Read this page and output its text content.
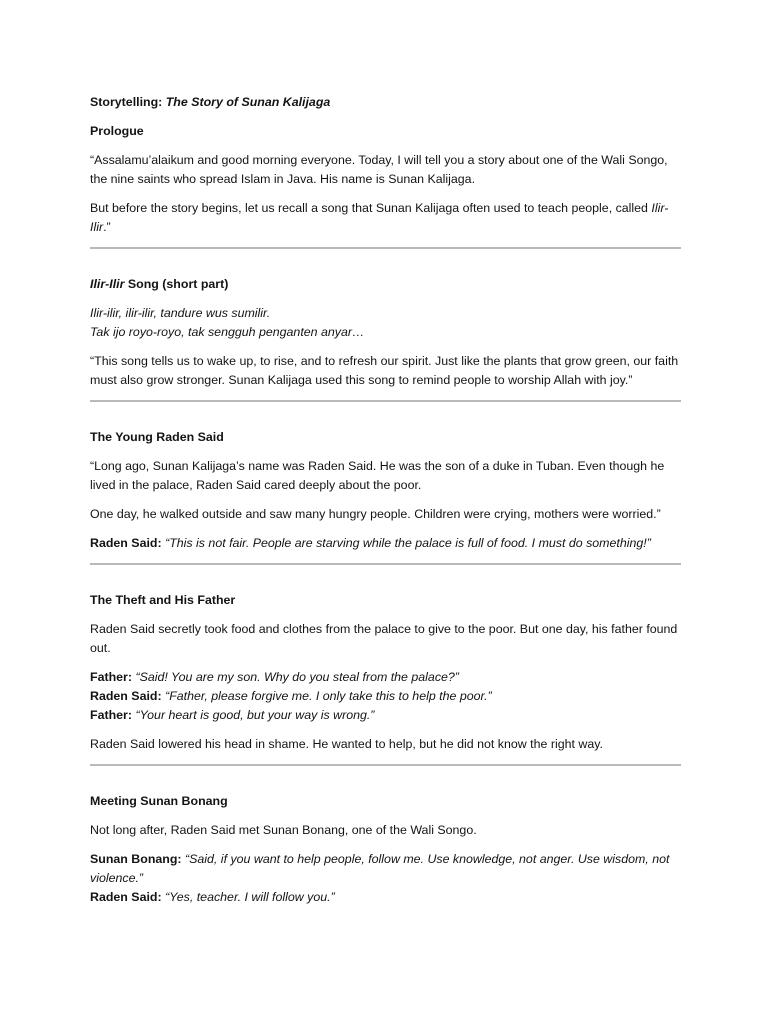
Storytelling: The Story of Sunan Kalijaga
Prologue

“Assalamu’alaikum and good morning everyone. Today, I will tell you a story about one of the Wali Songo, the nine saints who spread Islam in Java. His name is Sunan Kalijaga.

But before the story begins, let us recall a song that Sunan Kalijaga often used to teach people, called Ilir-Ilir.”

Ilir-Ilir Song (short part)

Ilir-ilir, ilir-ilir, tandure wus sumilir.

Tak ijo royo-royo, tak sengguh penganten anyar…

“This song tells us to wake up, to rise, and to refresh our spirit. Just like the plants that grow green, our faith must also grow stronger. Sunan Kalijaga used this song to remind people to worship Allah with joy.”

The Young Raden Said

“Long ago, Sunan Kalijaga’s name was Raden Said. He was the son of a duke in Tuban. Even though he lived in the palace, Raden Said cared deeply about the poor.

One day, he walked outside and saw many hungry people. Children were crying, mothers were worried.”

Raden Said: “This is not fair. People are starving while the palace is full of food. I must do something!”

The Theft and His Father

Raden Said secretly took food and clothes from the palace to give to the poor. But one day, his father found out.

Father: “Said! You are my son. Why do you steal from the palace?”

Raden Said: “Father, please forgive me. I only take this to help the poor.”

Father: “Your heart is good, but your way is wrong.”

Raden Said lowered his head in shame. He wanted to help, but he did not know the right way.

Meeting Sunan Bonang

Not long after, Raden Said met Sunan Bonang, one of the Wali Songo.

Sunan Bonang: “Said, if you want to help people, follow me. Use knowledge, not anger. Use wisdom, not violence.”

Raden Said: “Yes, teacher. I will follow you.”
